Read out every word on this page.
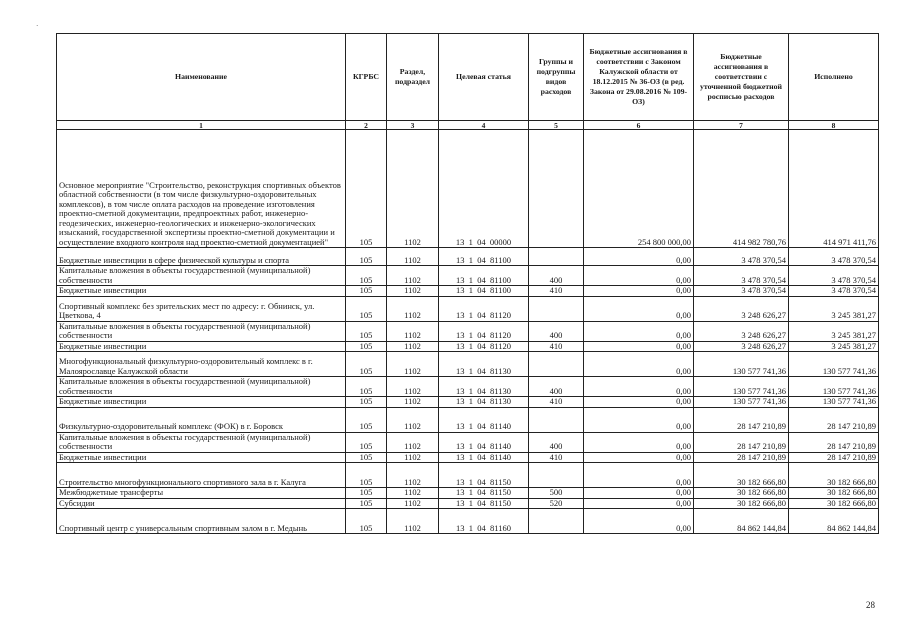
Наименование	КГРБС	Раздел, подраздел	Целевая статья	Группы и подгруппы видов расходов	Бюджетные ассигнования в соответствии с Законом Калужской области от 18.12.2015 № 36-ОЗ (в ред. Закона от 29.08.2016 № 109-ОЗ)	Бюджетные ассигнования в соответствии с уточненной бюджетной росписью расходов	Исполнено
1	2	3	4	5	6	7	8
Основное мероприятие "Строительство, реконструкция спортивных объектов областной собственности (в том числе физкультурно-оздоровительных комплексов), в том числе оплата расходов на проведение изготовления проектно-сметной документации, предпроектных работ, инженерно-геодезических, инженерно-геологических и инженерно-экологических изысканий, государственной экспертизы проектно-сметной документации и осуществление входного контроля над проектно-сметной документацией"	105	1102	13  1  04  00000		254 800 000,00	414 982 780,76	414 971 411,76
Бюджетные инвестиции в сфере физической культуры и спорта	105	1102	13  1  04  81100		0,00	3 478 370,54	3 478 370,54
Капитальные вложения в объекты государственной (муниципальной) собственности	105	1102	13  1  04  81100	400	0,00	3 478 370,54	3 478 370,54
Бюджетные инвестиции	105	1102	13  1  04  81100	410	0,00	3 478 370,54	3 478 370,54
Спортивный комплекс без зрительских мест по адресу: г. Обнинск, ул. Цветкова, 4	105	1102	13  1  04  81120		0,00	3 248 626,27	3 245 381,27
Капитальные вложения в объекты государственной (муниципальной) собственности	105	1102	13  1  04  81120	400	0,00	3 248 626,27	3 245 381,27
Бюджетные инвестиции	105	1102	13  1  04  81120	410	0,00	3 248 626,27	3 245 381,27
Многофункциональный физкультурно-оздоровительный комплекс в г. Малоярославце Калужской области	105	1102	13  1  04  81130		0,00	130 577 741,36	130 577 741,36
Капитальные вложения в объекты государственной (муниципальной) собственности	105	1102	13  1  04  81130	400	0,00	130 577 741,36	130 577 741,36
Бюджетные инвестиции	105	1102	13  1  04  81130	410	0,00	130 577 741,36	130 577 741,36
Физкультурно-оздоровительный комплекс (ФОК) в г. Боровск	105	1102	13  1  04  81140		0,00	28 147 210,89	28 147 210,89
Капитальные вложения в объекты государственной (муниципальной) собственности	105	1102	13  1  04  81140	400	0,00	28 147 210,89	28 147 210,89
Бюджетные инвестиции	105	1102	13  1  04  81140	410	0,00	28 147 210,89	28 147 210,89
Строительство многофункционального спортивного зала в г. Калуга	105	1102	13  1  04  81150		0,00	30 182 666,80	30 182 666,80
Межбюджетные трансферты	105	1102	13  1  04  81150	500	0,00	30 182 666,80	30 182 666,80
Субсидии	105	1102	13  1  04  81150	520	0,00	30 182 666,80	30 182 666,80
Спортивный центр с универсальным спортивным залом в г. Медынь	105	1102	13  1  04  81160		0,00	84 862 144,84	84 862 144,84
·
28
